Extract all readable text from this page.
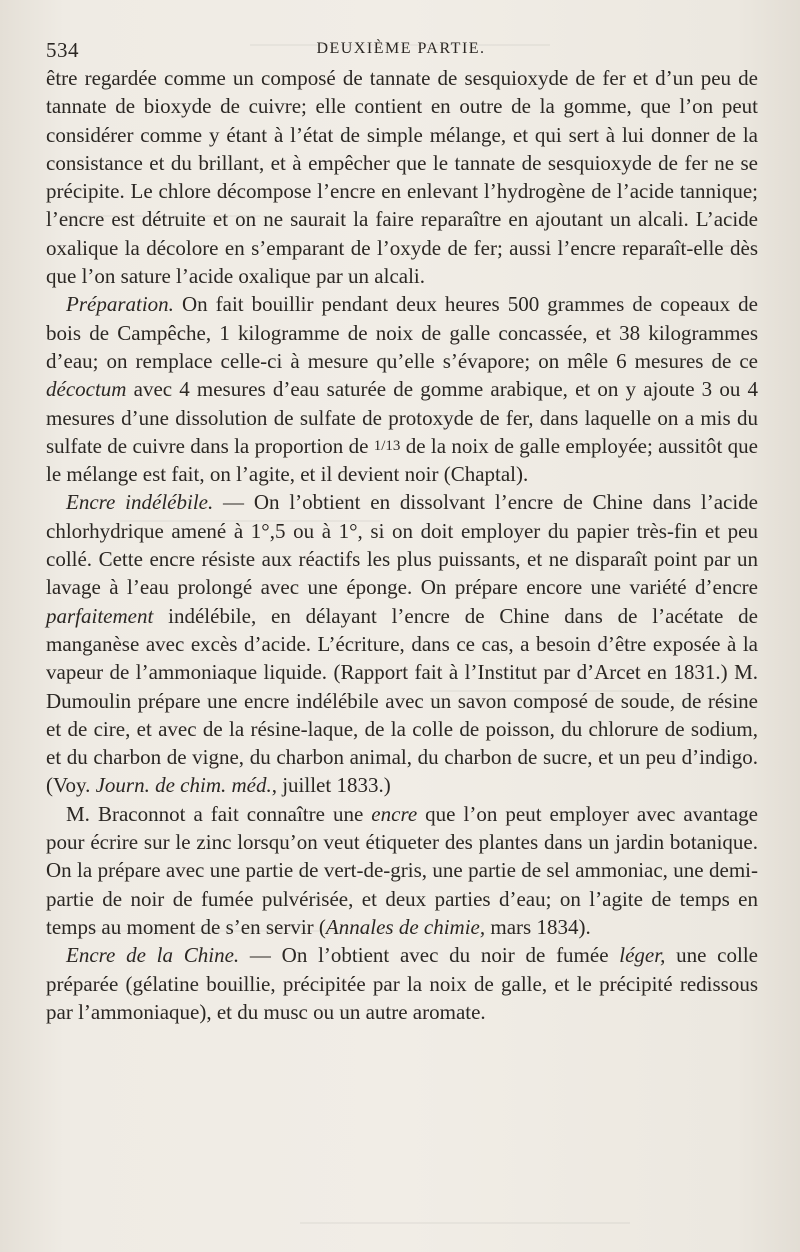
534	DEUXIÈME PARTIE.

être regardée comme un composé de tannate de sesquioxyde de fer et d’un peu de tannate de bioxyde de cuivre; elle contient en outre de la gomme, que l’on peut considérer comme y étant à l’état de simple mélange, et qui sert à lui donner de la consistance et du brillant, et à empêcher que le tannate de sesquioxyde de fer ne se précipite. Le chlore décompose l’encre en enlevant l’hydrogène de l’acide tannique; l’encre est détruite et on ne saurait la faire reparaître en ajoutant un alcali. L’acide oxalique la décolore en s’emparant de l’oxyde de fer; aussi l’encre reparaît-elle dès que l’on sature l’acide oxalique par un alcali.

Préparation. On fait bouillir pendant deux heures 500 grammes de copeaux de bois de Campêche, 1 kilogramme de noix de galle concassée, et 38 kilogrammes d’eau; on remplace celle-ci à mesure qu’elle s’évapore; on mêle 6 mesures de ce décoctum avec 4 mesures d’eau saturée de gomme arabique, et on y ajoute 3 ou 4 mesures d’une dissolution de sulfate de protoxyde de fer, dans laquelle on a mis du sulfate de cuivre dans la proportion de 1/13 de la noix de galle employée; aussitôt que le mélange est fait, on l’agite, et il devient noir (Chaptal).

Encre indélébile. — On l’obtient en dissolvant l’encre de Chine dans l’acide chlorhydrique amené à 1°,5 ou à 1°, si on doit employer du papier très-fin et peu collé. Cette encre résiste aux réactifs les plus puissants, et ne disparaît point par un lavage à l’eau prolongé avec une éponge. On prépare encore une variété d’encre parfaitement indélébile, en délayant l’encre de Chine dans de l’acétate de manganèse avec excès d’acide. L’écriture, dans ce cas, a besoin d’être exposée à la vapeur de l’ammoniaque liquide. (Rapport fait à l’Institut par d’Arcet en 1831.) M. Dumoulin prépare une encre indélébile avec un savon composé de soude, de résine et de cire, et avec de la résine-laque, de la colle de poisson, du chlorure de sodium, et du charbon de vigne, du charbon animal, du charbon de sucre, et un peu d’indigo. (Voy. Journ. de chim. méd., juillet 1833.)

M. Braconnot a fait connaître une encre que l’on peut employer avec avantage pour écrire sur le zinc lorsqu’on veut étiqueter des plantes dans un jardin botanique. On la prépare avec une partie de vert-de-gris, une partie de sel ammoniac, une demi-partie de noir de fumée pulvérisée, et deux parties d’eau; on l’agite de temps en temps au moment de s’en servir (Annales de chimie, mars 1834).

Encre de la Chine. — On l’obtient avec du noir de fumée léger, une colle préparée (gélatine bouillie, précipitée par la noix de galle, et le précipité redissous par l’ammoniaque), et du musc ou un autre aromate.
